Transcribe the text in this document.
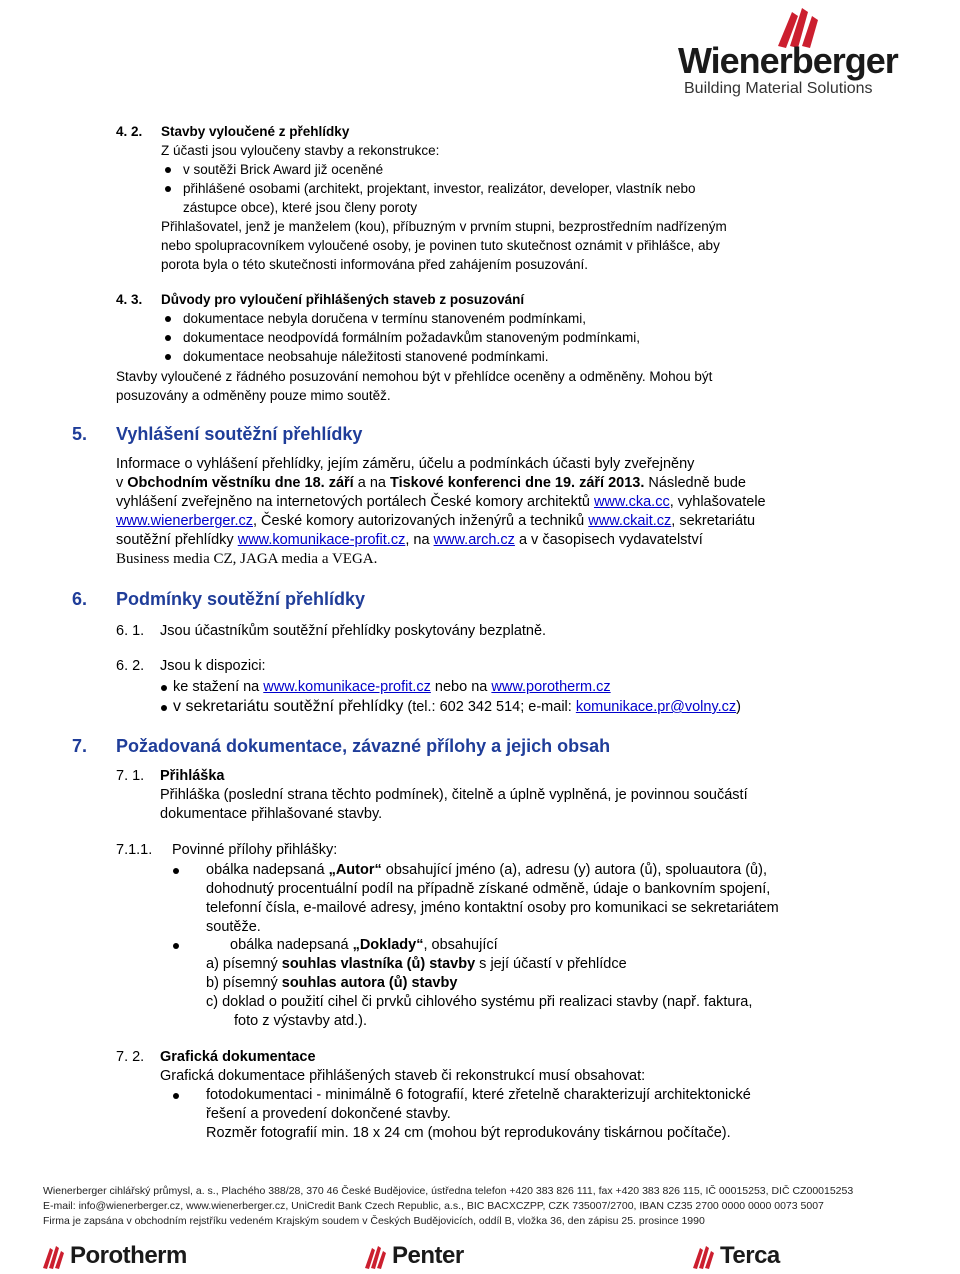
Wienerberger
Building Material Solutions
4. 2. Stavby vyloučené z přehlídky
Z účasti jsou vyloučeny stavby a rekonstrukce:
v soutěži Brick Award již oceněné
přihlášené osobami (architekt, projektant, investor, realizátor, developer, vlastník nebo
zástupce obce), které jsou členy poroty
Přihlašovatel, jenž je manželem (kou), příbuzným v prvním stupni, bezprostředním nadřízeným
nebo spolupracovníkem vyloučené osoby, je povinen tuto skutečnost oznámit v přihlášce, aby
porota byla o této skutečnosti informována před zahájením posuzování.
4. 3. Důvody pro vyloučení přihlášených staveb z posuzování
dokumentace nebyla doručena v termínu stanoveném podmínkami,
dokumentace neodpovídá formálním požadavkům stanoveným podmínkami,
dokumentace neobsahuje náležitosti stanovené podmínkami.
Stavby vyloučené z řádného posuzování nemohou být v přehlídce oceněny a odměněny. Mohou být
posuzovány a odměněny pouze mimo soutěž.
5. Vyhlášení soutěžní přehlídky
Informace o vyhlášení přehlídky, jejím záměru, účelu a podmínkách účasti byly zveřejněny
v Obchodním věstníku dne 18. září a na Tiskové konferenci dne 19. září 2013. Následně bude
vyhlášení zveřejněno na internetových portálech České komory architektů www.cka.cc, vyhlašovatele
www.wienerberger.cz, České komory autorizovaných inženýrů a techniků www.ckait.cz, sekretariátu
soutěžní přehlídky www.komunikace-profit.cz, na www.arch.cz a v časopisech vydavatelství
Business media CZ, JAGA media a VEGA.
6. Podmínky soutěžní přehlídky
6. 1. Jsou účastníkům soutěžní přehlídky poskytovány bezplatně.
6. 2. Jsou k dispozici:
ke stažení na www.komunikace-profit.cz nebo na www.porotherm.cz
v sekretariátu soutěžní přehlídky (tel.: 602 342 514; e-mail: komunikace.pr@volny.cz)
7. Požadovaná dokumentace, závazné přílohy a jejich obsah
7. 1. Přihláška
Přihláška (poslední strana těchto podmínek), čitelně a úplně vyplněná, je povinnou součástí
dokumentace přihlašované stavby.
7.1.1. Povinné přílohy přihlášky:
obálka nadepsaná „Autor“ obsahující jméno (a), adresu (y) autora (ů), spoluautora (ů),
dohodnutý procentuální podíl na případně získané odměně, údaje o bankovním spojení,
telefonní čísla, e-mailové adresy, jméno kontaktní osoby pro komunikaci se sekretariátem
soutěže.
obálka nadepsaná „Doklady“, obsahující
a) písemný souhlas vlastníka (ů) stavby s její účastí v přehlídce
b) písemný souhlas autora (ů) stavby
c) doklad o použití cihel či prvků cihlového systému při realizaci stavby (např. faktura,
foto z výstavby atd.).
7. 2. Grafická dokumentace
Grafická dokumentace přihlášených staveb či rekonstrukcí musí obsahovat:
fotodokumentaci - minimálně 6 fotografií, které zřetelně charakterizují architektonické
řešení a provedení dokončené stavby.
Rozměr fotografií min. 18 x 24 cm (mohou být reprodukovány tiskárnou počítače).
Wienerberger cihlářský průmysl, a. s., Plachého 388/28, 370 46 České Budějovice, ústředna telefon +420 383 826 111, fax +420 383 826 115, IČ 00015253, DIČ CZ00015253
E-mail: info@wienerberger.cz, www.wienerberger.cz, UniCredit Bank Czech Republic, a.s., BIC BACXCZPP, CZK 735007/2700, IBAN CZ35 2700 0000 0000 0073 5007
Firma je zapsána v obchodním rejstříku vedeném Krajským soudem v Českých Budějovicích, oddíl B, vložka 36, den zápisu 25. prosince 1990
Porotherm	Penter	Terca
